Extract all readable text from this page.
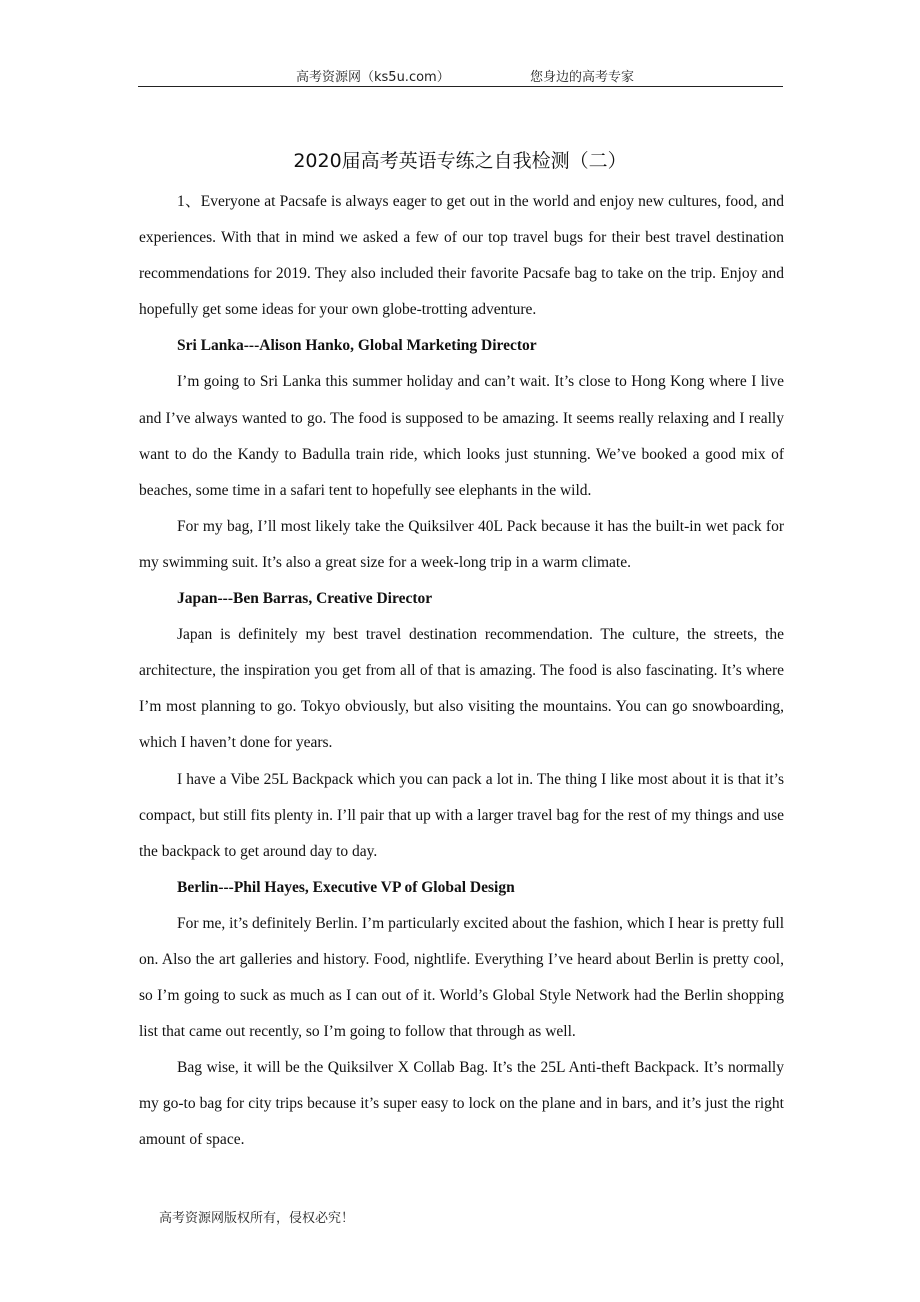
高考资源网（ks5u.com）	您身边的高考专家
2020届高考英语专练之自我检测（二）

1、Everyone at Pacsafe is always eager to get out in the world and enjoy new cultures, food, and experiences. With that in mind we asked a few of our top travel bugs for their best travel destination recommendations for 2019. They also included their favorite Pacsafe bag to take on the trip. Enjoy and hopefully get some ideas for your own globe-trotting adventure.

Sri Lanka---Alison Hanko, Global Marketing Director

I’m going to Sri Lanka this summer holiday and can’t wait. It’s close to Hong Kong where I live and I’ve always wanted to go. The food is supposed to be amazing. It seems really relaxing and I really want to do the Kandy to Badulla train ride, which looks just stunning. We’ve booked a good mix of beaches, some time in a safari tent to hopefully see elephants in the wild.

For my bag, I’ll most likely take the Quiksilver 40L Pack because it has the built-in wet pack for my swimming suit. It’s also a great size for a week-long trip in a warm climate.

Japan---Ben Barras, Creative Director

Japan is definitely my best travel destination recommendation. The culture, the streets, the architecture, the inspiration you get from all of that is amazing. The food is also fascinating. It’s where I’m most planning to go. Tokyo obviously, but also visiting the mountains. You can go snowboarding, which I haven’t done for years.

I have a Vibe 25L Backpack which you can pack a lot in. The thing I like most about it is that it’s compact, but still fits plenty in. I’ll pair that up with a larger travel bag for the rest of my things and use the backpack to get around day to day.

Berlin---Phil Hayes, Executive VP of Global Design

For me, it’s definitely Berlin. I’m particularly excited about the fashion, which I hear is pretty full on. Also the art galleries and history. Food, nightlife. Everything I’ve heard about Berlin is pretty cool, so I’m going to suck as much as I can out of it. World’s Global Style Network had the Berlin shopping list that came out recently, so I’m going to follow that through as well.

Bag wise, it will be the Quiksilver X Collab Bag. It’s the 25L Anti-theft Backpack. It’s normally my go-to bag for city trips because it’s super easy to lock on the plane and in bars, and it’s just the right amount of space.

高考资源网版权所有，侵权必究！
